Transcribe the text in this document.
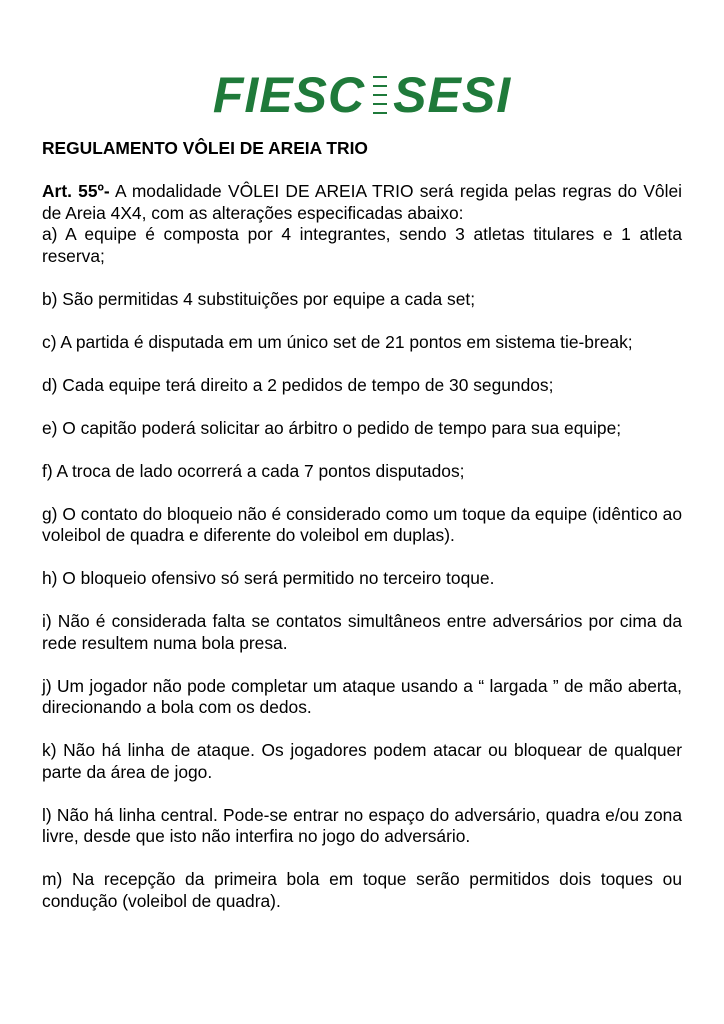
FIESC SESI

REGULAMENTO VÔLEI DE AREIA TRIO

Art. 55º- A modalidade VÔLEI DE AREIA TRIO será regida pelas regras do Vôlei de Areia 4X4, com as alterações especificadas abaixo:

a) A equipe é composta por 4 integrantes, sendo 3 atletas titulares e 1 atleta reserva;

b) São permitidas 4 substituições por equipe a cada set;

c) A partida é disputada em um único set de 21 pontos em sistema tie-break;

d) Cada equipe terá direito a 2 pedidos de tempo de 30 segundos;

e) O capitão poderá solicitar ao árbitro o pedido de tempo para sua equipe;

f) A troca de lado ocorrerá a cada 7 pontos disputados;

g) O contato do bloqueio não é considerado como um toque da equipe (idêntico ao voleibol de quadra e diferente do voleibol em duplas).

h) O bloqueio ofensivo só será permitido no terceiro toque.

i) Não é considerada falta se contatos simultâneos entre adversários por cima da rede resultem numa bola presa.

j) Um jogador não pode completar um ataque usando a “ largada ” de mão aberta, direcionando a bola com os dedos.

k) Não há linha de ataque. Os jogadores podem atacar ou bloquear de qualquer parte da área de jogo.

l) Não há linha central. Pode-se entrar no espaço do adversário, quadra e/ou zona livre, desde que isto não interfira no jogo do adversário.

m) Na recepção da primeira bola em toque serão permitidos dois toques ou condução (voleibol de quadra).
